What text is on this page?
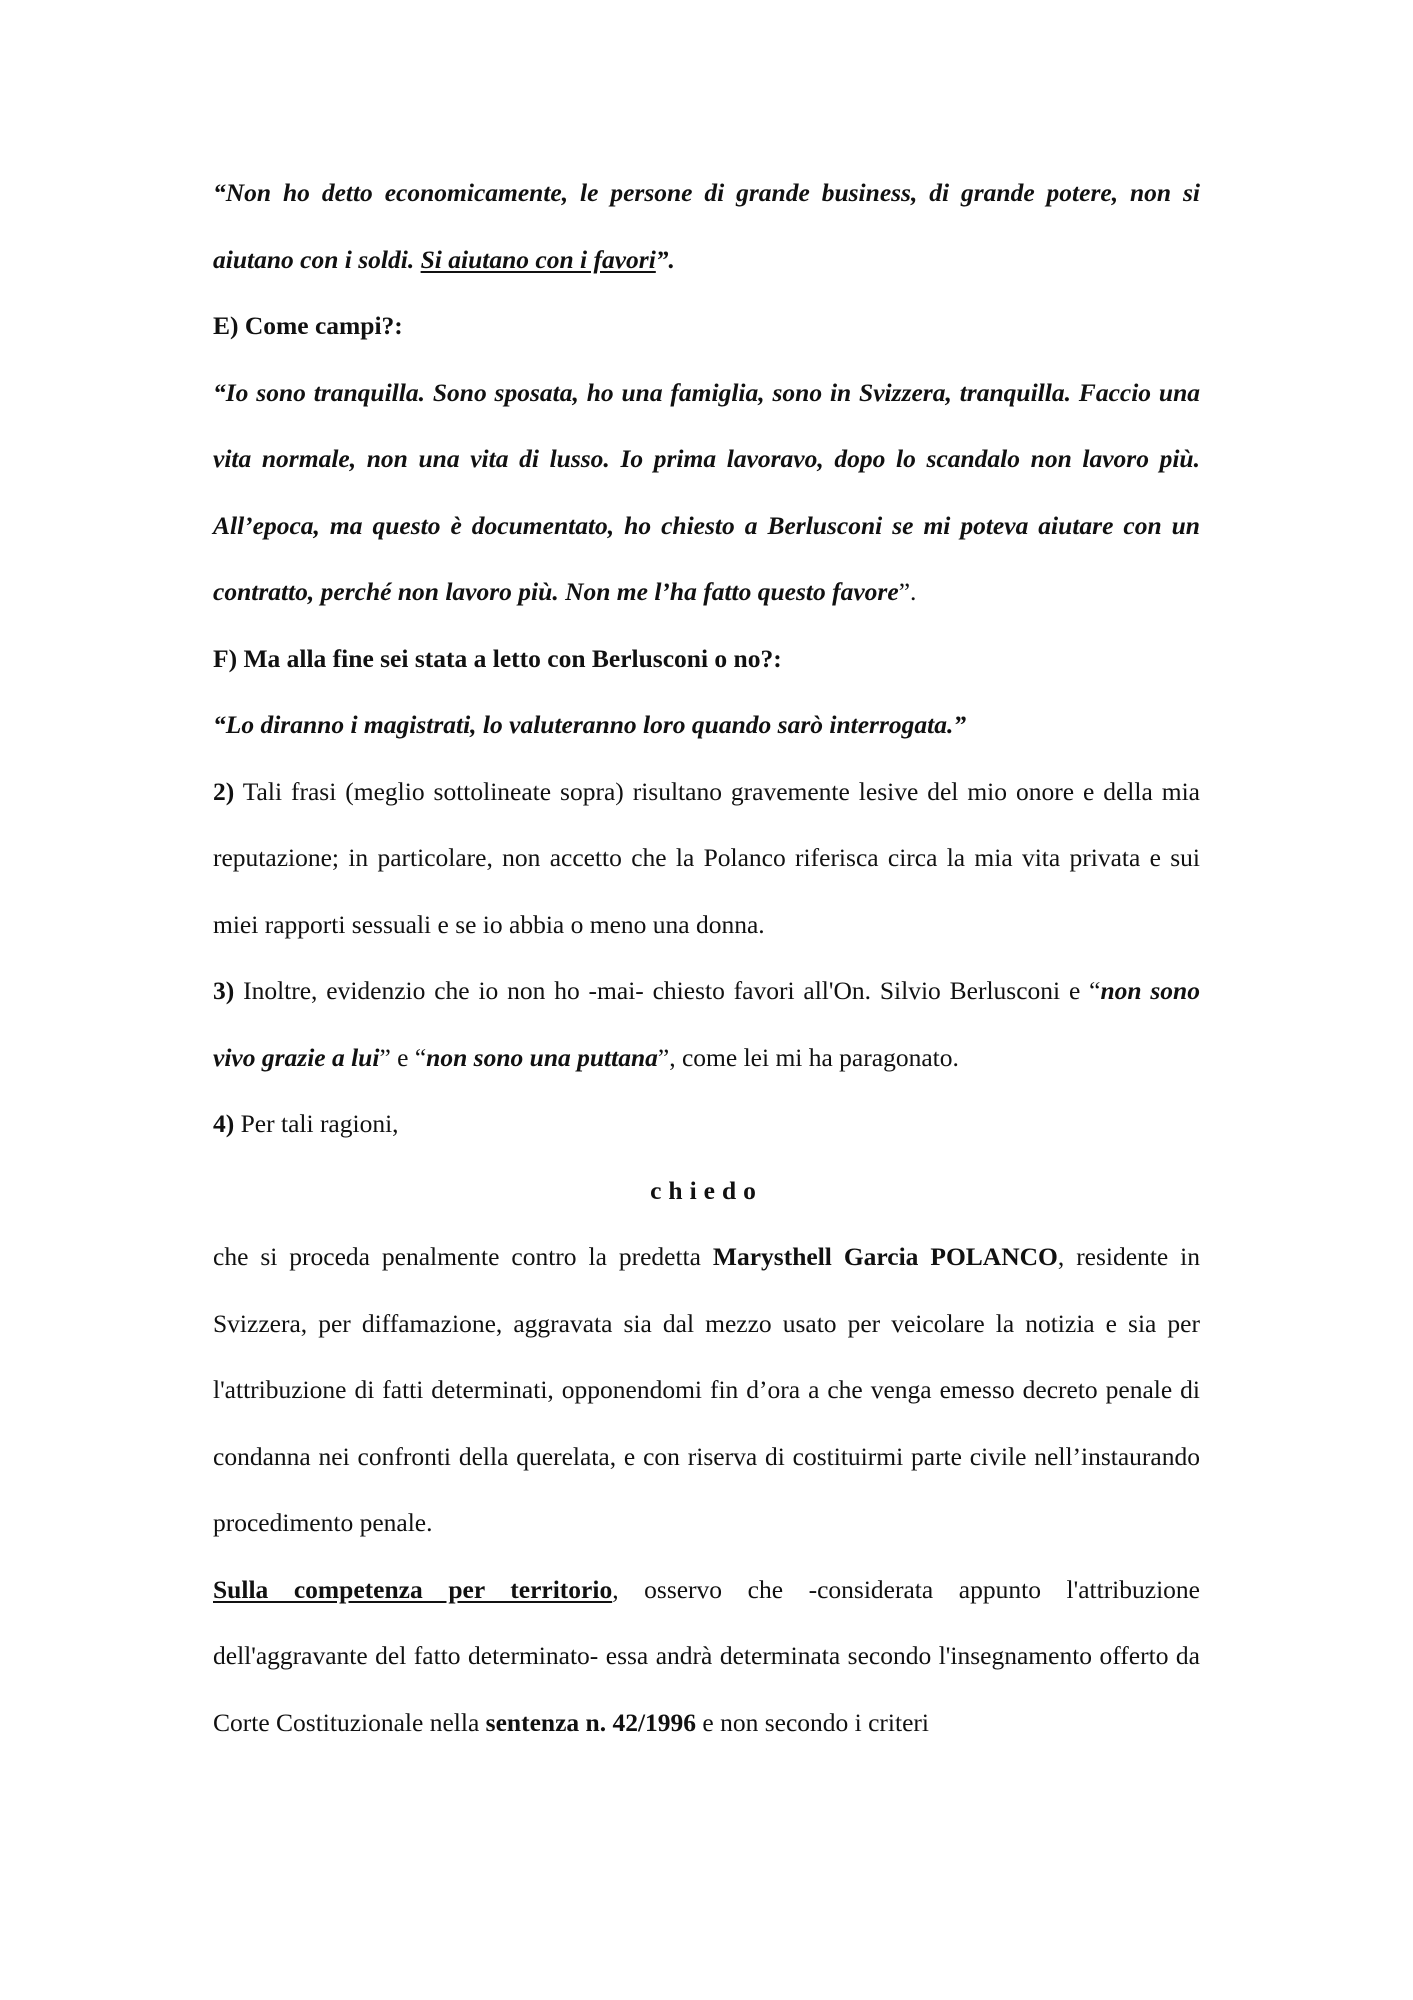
“Non ho detto economicamente, le persone di grande business, di grande potere, non si aiutano con i soldi. Si aiutano con i favori”.

E) Come campi?:

“Io sono tranquilla. Sono sposata, ho una famiglia, sono in Svizzera, tranquilla. Faccio una vita normale, non una vita di lusso. Io prima lavoravo, dopo lo scandalo non lavoro più. All’epoca, ma questo è documentato, ho chiesto a Berlusconi se mi poteva aiutare con un contratto, perché non lavoro più. Non me l’ha fatto questo favore”.

F) Ma alla fine sei stata a letto con Berlusconi o no?:

“Lo diranno i magistrati, lo valuteranno loro quando sarò interrogata.”

2) Tali frasi (meglio sottolineate sopra) risultano gravemente lesive del mio onore e della mia reputazione; in particolare, non accetto che la Polanco riferisca circa la mia vita privata e sui miei rapporti sessuali e se io abbia o meno una donna.

3) Inoltre, evidenzio che io non ho -mai- chiesto favori all'On. Silvio Berlusconi e “non sono vivo grazie a lui” e “non sono una puttana”, come lei mi ha paragonato.

4) Per tali ragioni,

chiedo

che si proceda penalmente contro la predetta Marysthell Garcia POLANCO, residente in Svizzera, per diffamazione, aggravata sia dal mezzo usato per veicolare la notizia e sia per l'attribuzione di fatti determinati, opponendomi fin d’ora a che venga emesso decreto penale di condanna nei confronti della querelata, e con riserva di costituirmi parte civile nell’instaurando procedimento penale.

Sulla competenza per territorio, osservo che -considerata appunto l'attribuzione dell'aggravante del fatto determinato- essa andrà determinata secondo l'insegnamento offerto da Corte Costituzionale nella sentenza n. 42/1996 e non secondo i criteri
